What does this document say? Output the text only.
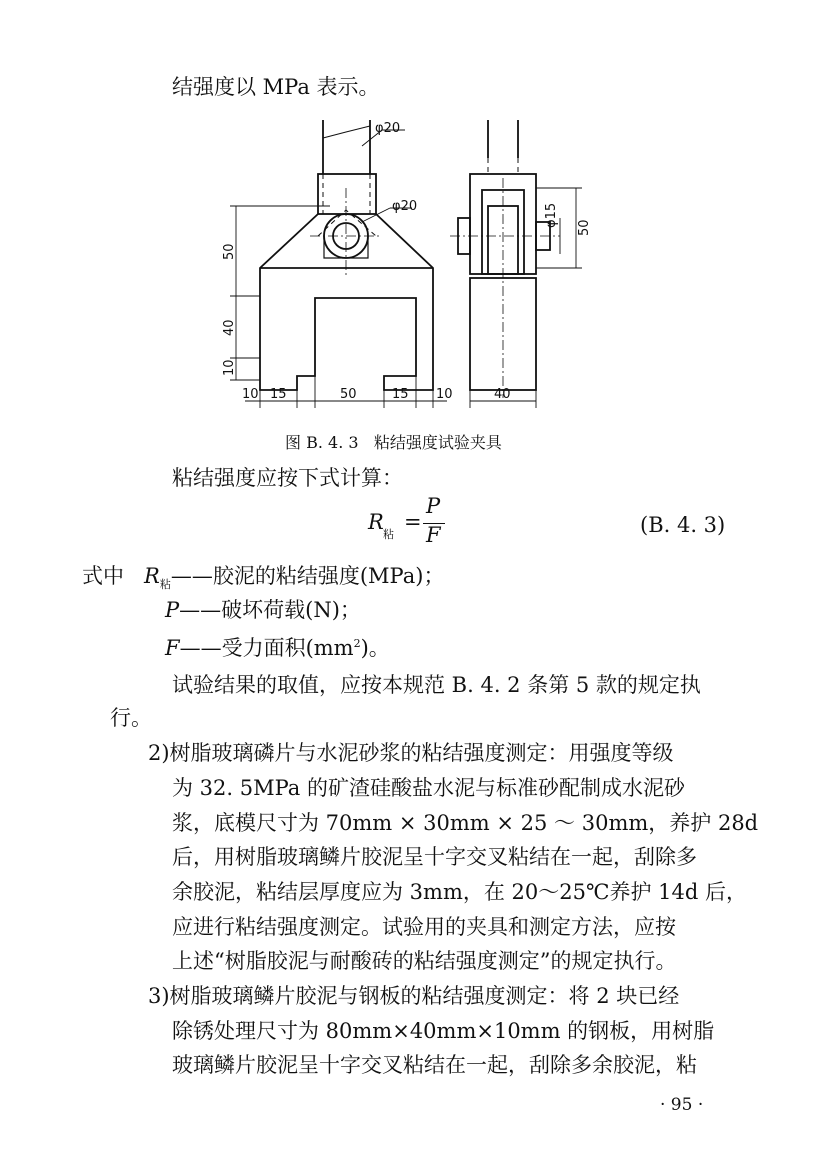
结强度以 MPa 表示。
φ20
φ20	φ15
50
40
10
10 15	50	15 10	40
50
图 B. 4. 3 粘结强度试验夹具
粘结强度应按下式计算：
R
粘
=
P
F	(B. 4. 3)
式中 $R_粘——$胶泥的粘结强度(MPa)；
P——破坏荷载(N)；
F——受力面积$(mm^2)$。
试验结果的取值，应按本规范 B. 4. 2 条第 5 款的规定执
行。
2)树脂玻璃磷片与水泥砂浆的粘结强度测定：用强度等级
为 32. 5MPa 的矿渣硅酸盐水泥与标准砂配制成水泥砂
浆，底模尺寸为 70mm × 30mm × 25 ～ 30mm，养护 28d
后，用树脂玻璃鳞片胶泥呈十字交叉粘结在一起，刮除多
余胶泥，粘结层厚度应为 3mm，在 20～25℃养护 14d 后，
应进行粘结强度测定。试验用的夹具和测定方法，应按
上述“树脂胶泥与耐酸砖的粘结强度测定”的规定执行。
3)树脂玻璃鳞片胶泥与钢板的粘结强度测定：将 2 块已经
除锈处理尺寸为 80mm×40mm×10mm 的钢板，用树脂
玻璃鳞片胶泥呈十字交叉粘结在一起，刮除多余胶泥，粘
· 95 ·
